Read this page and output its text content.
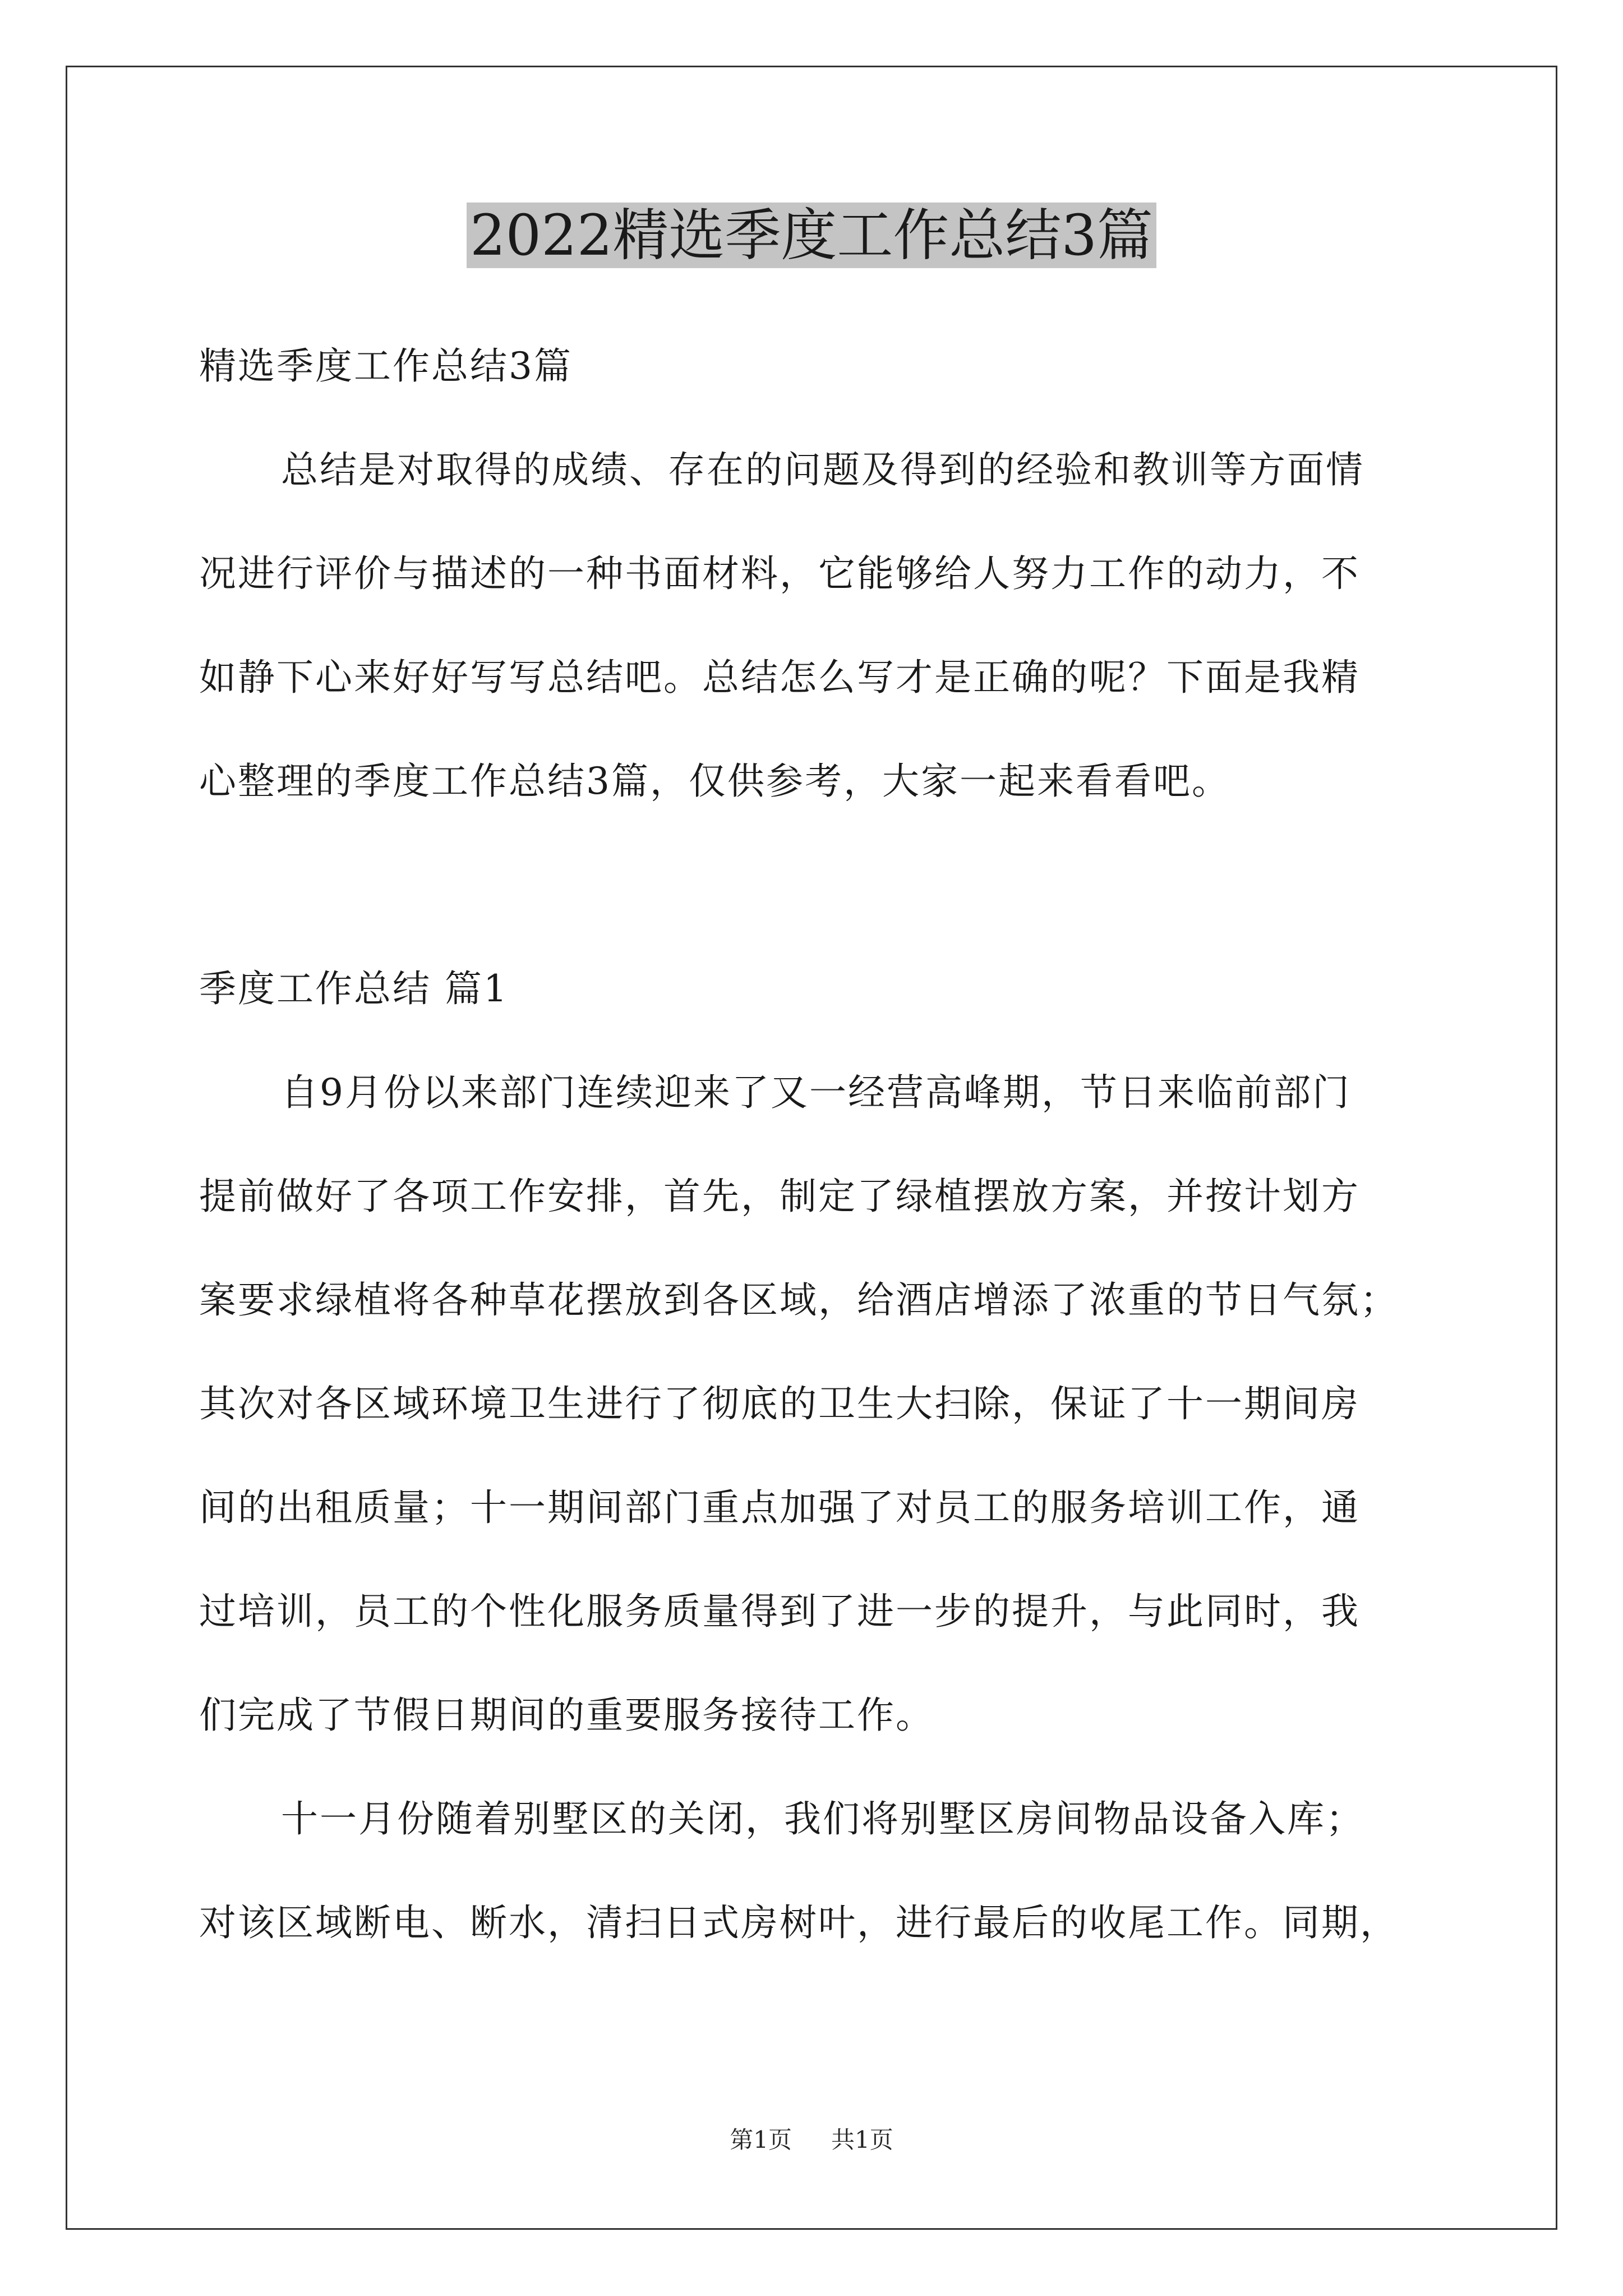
2022精选季度工作总结3篇

精选季度工作总结3篇

总结是对取得的成绩、存在的问题及得到的经验和教训等方面情

况进行评价与描述的一种书面材料，它能够给人努力工作的动力，不

如静下心来好好写写总结吧。总结怎么写才是正确的呢？下面是我精

心整理的季度工作总结3篇，仅供参考，大家一起来看看吧。

季度工作总结 篇1

自9月份以来部门连续迎来了又一经营高峰期，节日来临前部门

提前做好了各项工作安排，首先，制定了绿植摆放方案，并按计划方

案要求绿植将各种草花摆放到各区域，给酒店增添了浓重的节日气氛；

其次对各区域环境卫生进行了彻底的卫生大扫除，保证了十一期间房

间的出租质量；十一期间部门重点加强了对员工的服务培训工作，通

过培训，员工的个性化服务质量得到了进一步的提升，与此同时，我

们完成了节假日期间的重要服务接待工作。

十一月份随着别墅区的关闭，我们将别墅区房间物品设备入库；

对该区域断电、断水，清扫日式房树叶，进行最后的收尾工作。同期，

第1页 共1页
